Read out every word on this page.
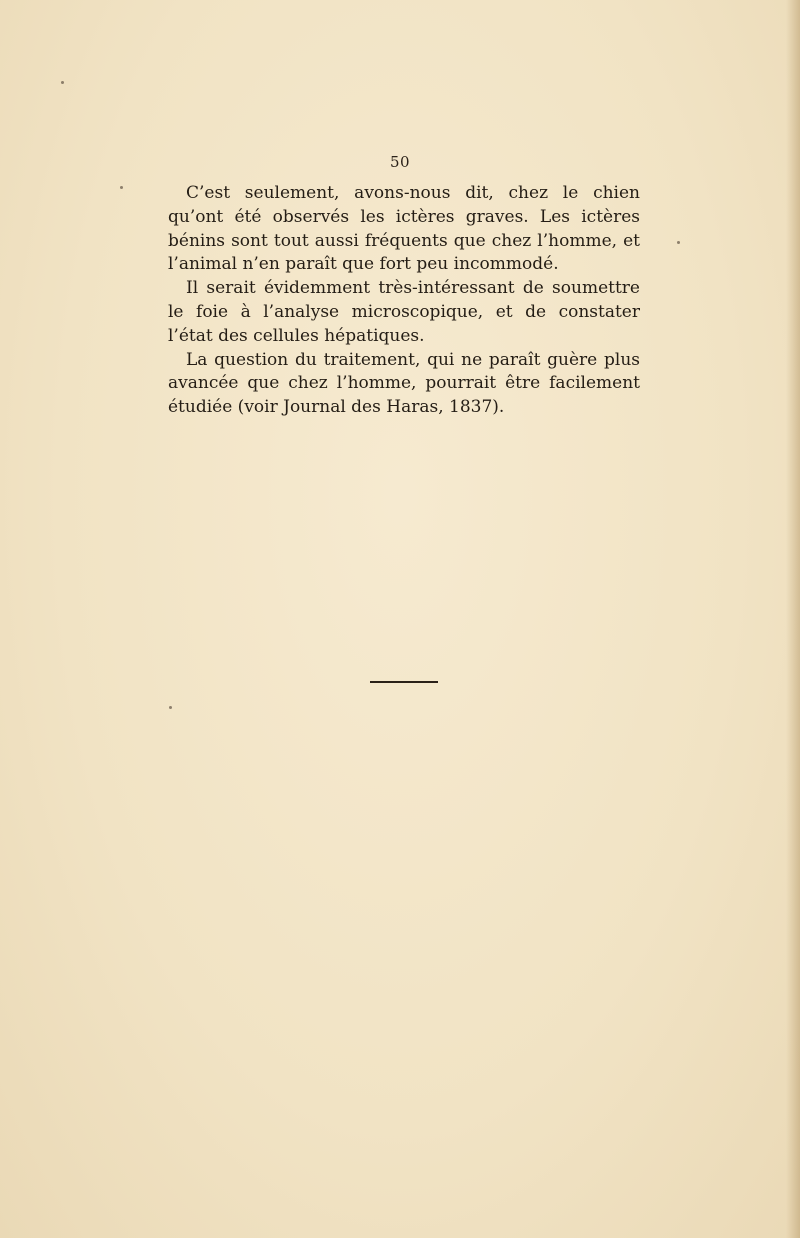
50

C’est seulement, avons-nous dit, chez le chien qu’ont été observés les ictères graves. Les ictères bénins sont tout aussi fréquents que chez l’homme, et l’animal n’en paraît que fort peu incommodé.

Il serait évidemment très-intéressant de soumettre le foie à l’analyse microscopique, et de constater l’état des cellules hépatiques.

La question du traitement, qui ne paraît guère plus avancée que chez l’homme, pourrait être facilement étudiée (voir Journal des Haras, 1837).
